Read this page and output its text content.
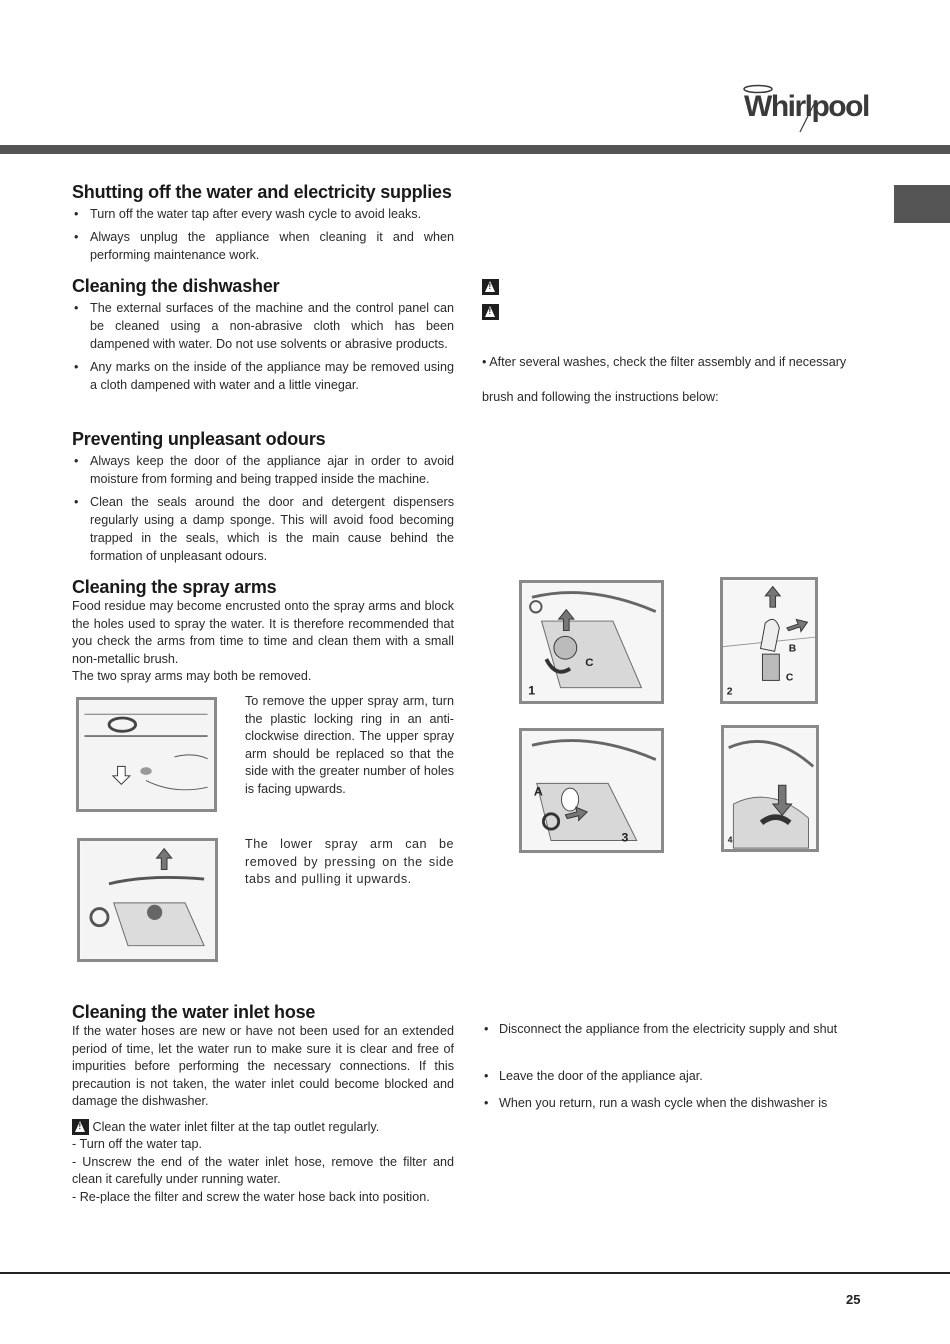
Whirlpool
Shutting off the water and electricity supplies
• Turn off the water tap after every wash cycle to avoid leaks.
• Always unplug the appliance when cleaning it and when performing maintenance work.
Cleaning the dishwasher
• The external surfaces of the machine and the control panel can be cleaned using a non-abrasive cloth which has been dampened with water. Do not use solvents or abrasive products.
• Any marks on the inside of the appliance may be removed using a cloth dampened with water and a little vinegar.
Preventing unpleasant odours
• Always keep the door of the appliance ajar in order to avoid moisture from forming and being trapped inside the machine.
• Clean the seals around the door and detergent dispensers regularly using a damp sponge. This will avoid food becoming trapped in the seals, which is the main cause behind the formation of unpleasant odours.
Cleaning the spray arms
Food residue may become encrusted onto the spray arms and block the holes used to spray the water. It is therefore recommended that you check the arms from time to time and clean them with a small non-metallic brush.
The two spray arms may both be removed.
To remove the upper spray arm, turn the plastic locking ring in an anti-clockwise direction. The upper spray arm should be replaced so that the side with the greater number of holes is facing upwards.
The lower spray arm can be removed by pressing on the side tabs and pulling it upwards.
Cleaning the water inlet hose
If the water hoses are new or have not been used for an extended period of time, let the water run to make sure it is clear and free of impurities before performing the necessary connections. If this precaution is not taken, the water inlet could become blocked and damage the dishwasher.
! Clean the water inlet filter at the tap outlet regularly.
- Turn off the water tap.
- Unscrew the end of the water inlet hose, remove the filter and clean it carefully under running water.
- Re-place the filter and screw the water hose back into position.
!
!
• After several washes, check the filter assembly and if necessary
brush and following the instructions below:
1
C
2
B
C
A
3	4
• Disconnect the appliance from the electricity supply and shut
• Leave the door of the appliance ajar.
• When you return, run a wash cycle when the dishwasher is
25
